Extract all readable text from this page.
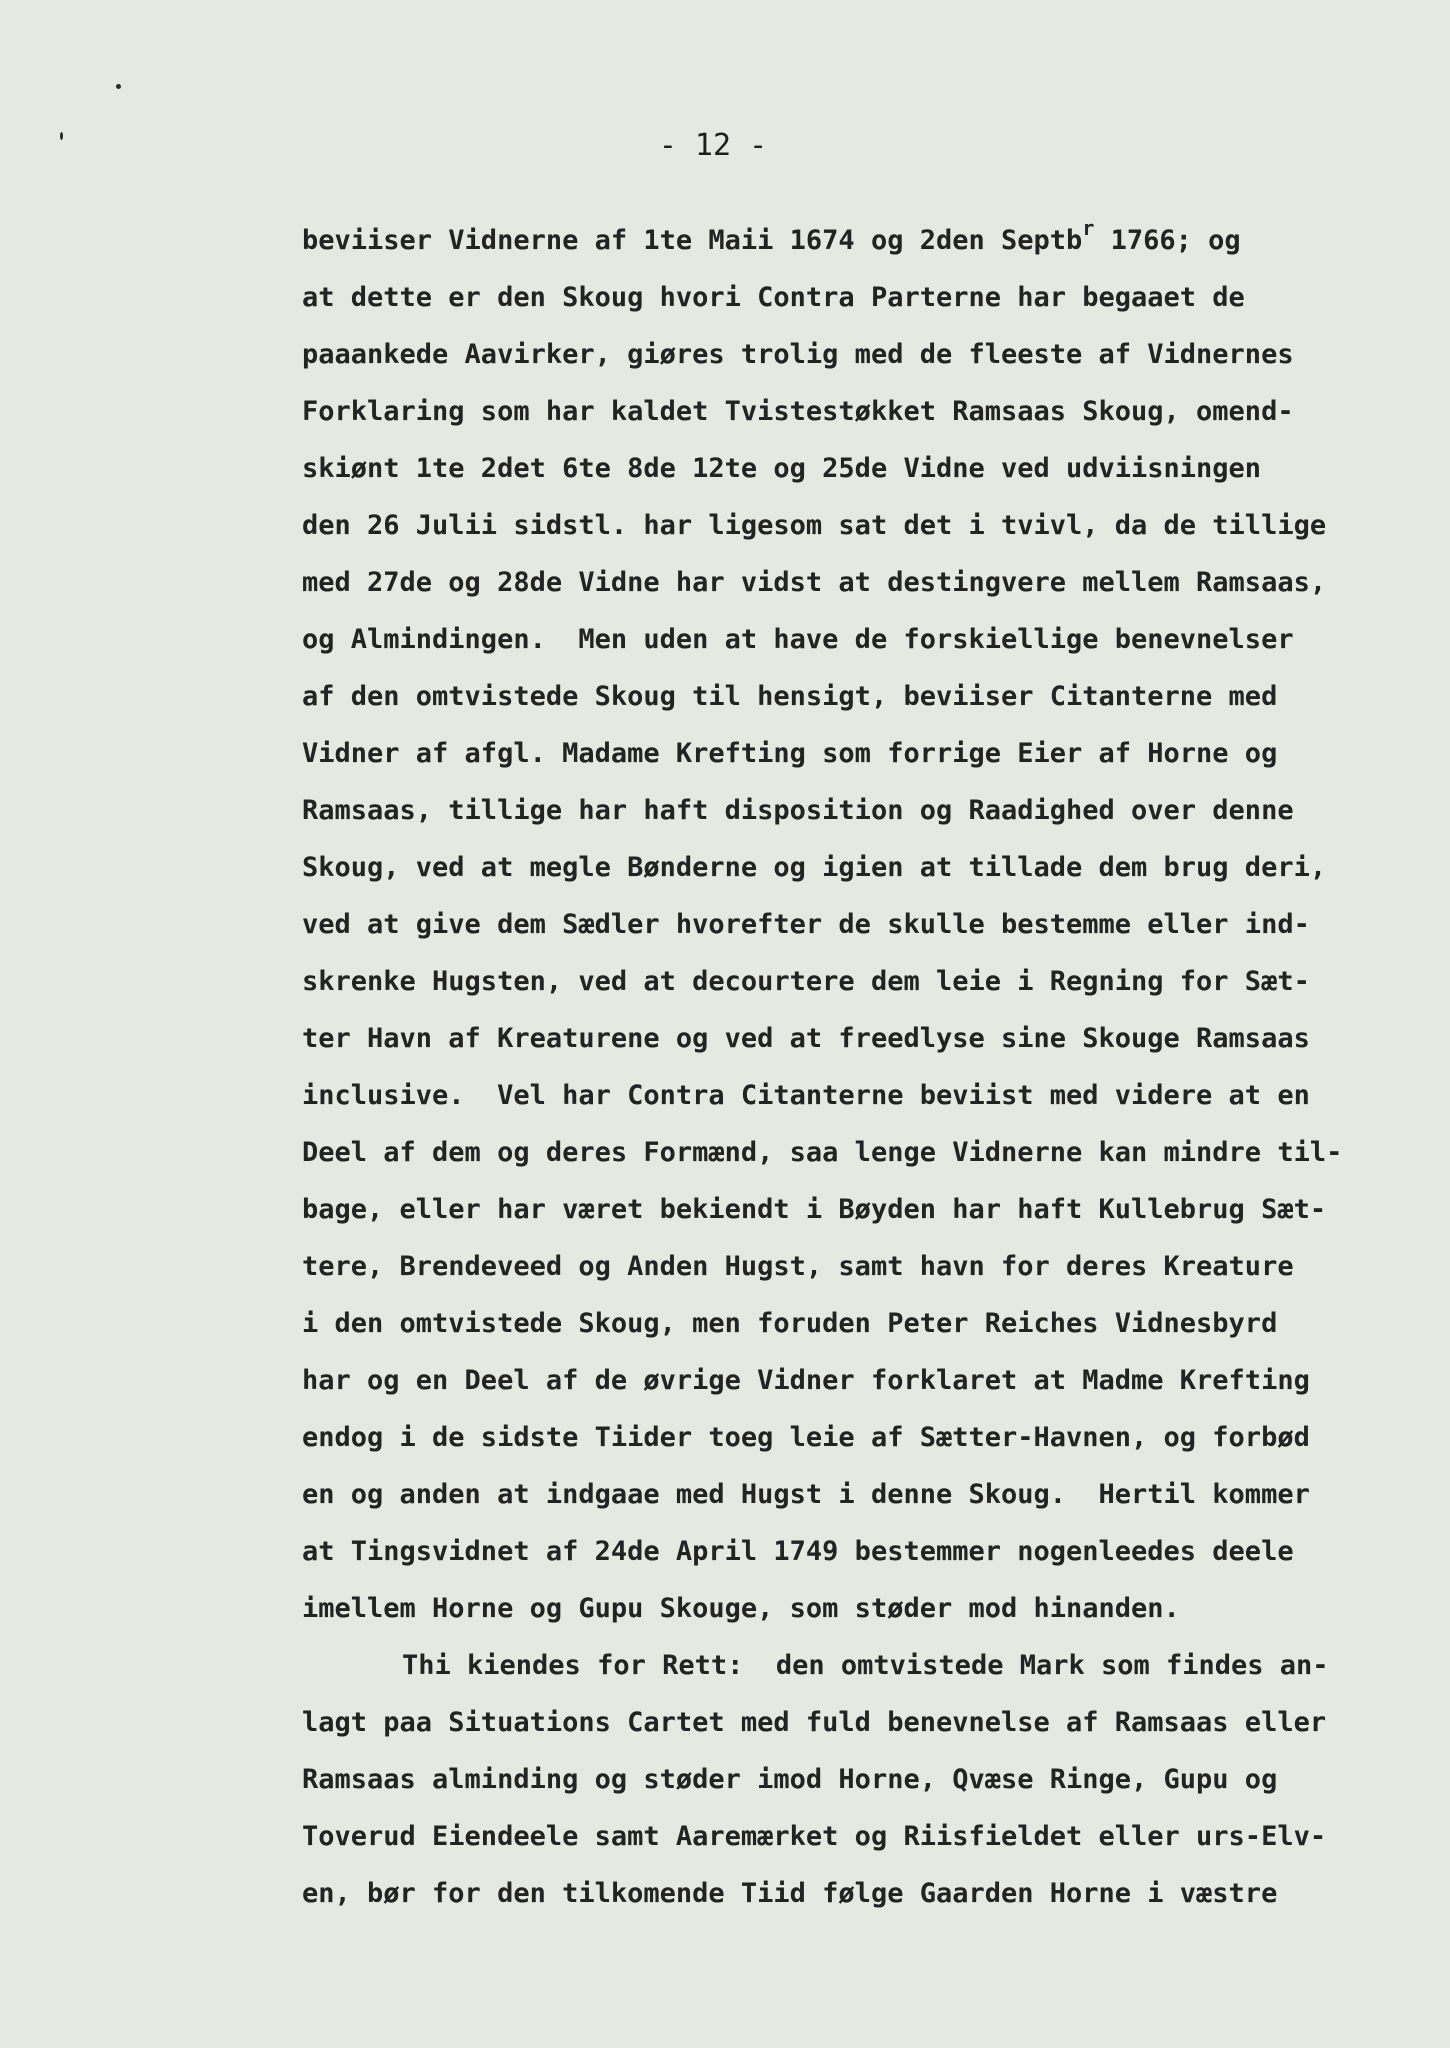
- 12 -
beviiser Vidnerne af 1te Maii 1674 og 2den Septb$^r$ 1766; og
at dette er den Skoug hvori Contra Parterne har begaaet de
paaankede Aavirker, giøres trolig med de fleeste af Vidnernes
Forklaring som har kaldet Tvistestøkket Ramsaas Skoug, omend-
skiønt 1te 2det 6te 8de 12te og 25de Vidne ved udviisningen
den 26 Julii sidstl. har ligesom sat det i tvivl, da de tillige
med 27de og 28de Vidne har vidst at destingvere mellem Ramsaas,
og Almindingen.  Men uden at have de forskiellige benevnelser
af den omtvistede Skoug til hensigt, beviiser Citanterne med
Vidner af afgl. Madame Krefting som forrige Eier af Horne og
Ramsaas, tillige har haft disposition og Raadighed over denne
Skoug, ved at megle Bønderne og igien at tillade dem brug deri,
ved at give dem Sædler hvorefter de skulle bestemme eller ind-
skrenke Hugsten, ved at decourtere dem leie i Regning for Sæt-
ter Havn af Kreaturene og ved at freedlyse sine Skouge Ramsaas
inclusive.  Vel har Contra Citanterne beviist med videre at en
Deel af dem og deres Formænd, saa lenge Vidnerne kan mindre til-
bage, eller har været bekiendt i Bøyden har haft Kullebrug Sæt-
tere, Brendeveed og Anden Hugst, samt havn for deres Kreature
i den omtvistede Skoug, men foruden Peter Reiches Vidnesbyrd
har og en Deel af de øvrige Vidner forklaret at Madme Krefting
endog i de sidste Tiider toeg leie af Sætter-Havnen, og forbød
en og anden at indgaae med Hugst i denne Skoug.  Hertil kommer
at Tingsvidnet af 24de April 1749 bestemmer nogenleedes deele
imellem Horne og Gupu Skouge, som støder mod hinanden.
Thi kiendes for Rett:  den omtvistede Mark som findes an-
lagt paa Situations Cartet med fuld benevnelse af Ramsaas eller
Ramsaas alminding og støder imod Horne, Qvæse Ringe, Gupu og
Toverud Eiendeele samt Aaremærket og Riisfieldet eller urs-Elv-
en, bør for den tilkomende Tiid følge Gaarden Horne i væstre
